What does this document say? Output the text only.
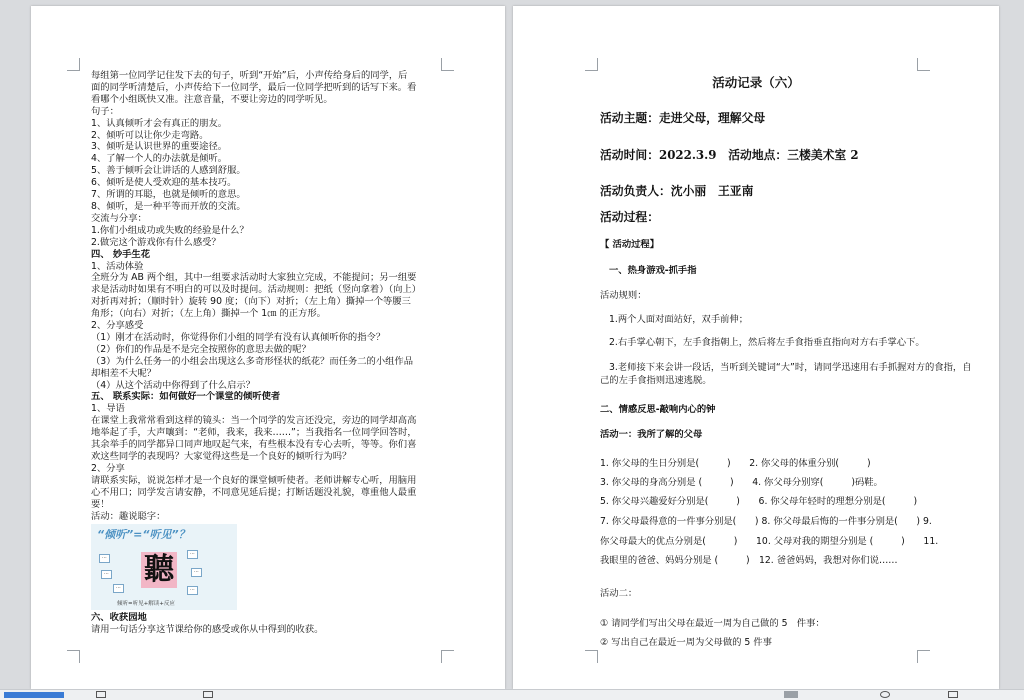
每组第一位同学记住发下去的句子，听到“开始”后，小声传给身后的同学，后
面的同学听清楚后，小声传给下一位同学，最后一位同学把听到的话写下来。看
看哪个小组既快又准。注意音量，不要让旁边的同学听见。
句子：
1、认真倾听才会有真正的朋友。
2、倾听可以让你少走弯路。
3、倾听是认识世界的重要途径。
4、了解一个人的办法就是倾听。
5、善于倾听会让讲话的人感到舒服。
6、倾听是使人受欢迎的基本技巧。
7、所谓的耳聪，也就是倾听的意思。
8、倾听，是一种平等而开放的交流。
交流与分享：
1.你们小组成功或失败的经验是什么？
2.做完这个游戏你有什么感受？
四、 妙手生花
1、活动体验
全班分为 AB 两个组，其中一组要求活动时大家独立完成，不能提问；另一组要
求是活动时如果有不明白的可以及时提问。活动规则：把纸（竖向拿着）（向上）
对折再对折；（顺时针）旋转 90 度；（向下）对折；（左上角）撕掉一个等腰三
角形；（向右）对折；（左上角）撕掉一个 1㎝ 的正方形。
2、分享感受
（1）刚才在活动时，你觉得你们小组的同学有没有认真倾听你的指令？
（2）你们的作品是不是完全按照你的意思去做的呢？
（3）为什么任务一的小组会出现这么多奇形怪状的纸花？而任务二的小组作品
却相差不大呢？
（4）从这个活动中你得到了什么启示？
五、 联系实际：如何做好一个课堂的倾听使者
1、导语
在课堂上我常常看到这样的镜头：当一个同学的发言还没完，旁边的同学却高高
地举起了手，大声嚷到：“老师，我来，我来……”；当我指名一位同学回答时，
其余举手的同学都异口同声地叹起气来，有些根本没有专心去听，等等。你们喜
欢这些同学的表现吗？大家觉得这些是一个良好的倾听行为吗？
2、分享
请联系实际，说说怎样才是一个良好的课堂倾听使者。老师讲解专心听，用脑用
心不用口；同学发言请安静，不同意见延后提；打断话题没礼貌，尊重他人最重
要！
活动：趣说聪字：
“倾听”=“听见”？
···
···
···
···
···
···
聽
倾听=听见+解读+反应
六、收获园地
请用一句话分享这节课给你的感受或你从中得到的收获。
活动记录（六）
活动主题：走进父母，理解父母
活动时间：2022.3.9　活动地点：三楼美术室 2
活动负责人：沈小丽　王亚南
活动过程：
【 活动过程】
一、热身游戏-抓手指
活动规则：
1.两个人面对面站好，双手前伸；
2.右手掌心朝下，左手食指朝上，然后将左手食指垂直指向对方右手掌心下。
3.老师接下来会讲一段话，当听到关键词“大”时，请同学迅速用右手抓握对方的食指，自己的左手食指则迅速逃脱。
二、情感反思-敲响内心的钟
活动一：我所了解的父母
1. 你父母的生日分别是(　　　)　　2. 你父母的体重分别(　　　)
3. 你父母的身高分别是 (　　　)　　4. 你父母分别穿(　　　)码鞋。
5. 你父母兴趣爱好分别是(　　　)　　6. 你父母年轻时的理想分别是(　　　)
7. 你父母最得意的一件事分别是(　　) 8. 你父母最后悔的一件事分别是(　　) 9.
你父母最大的优点分别是(　　　)　　10. 父母对我的期望分别是 (　　　)　　11.
我眼里的爸爸、妈妈分别是 (　　　)　12. 爸爸妈妈，我想对你们说……
活动二：
① 请同学们写出父母在最近一周为自己做的 5　件事：
② 写出自己在最近一周为父母做的 5 件事
